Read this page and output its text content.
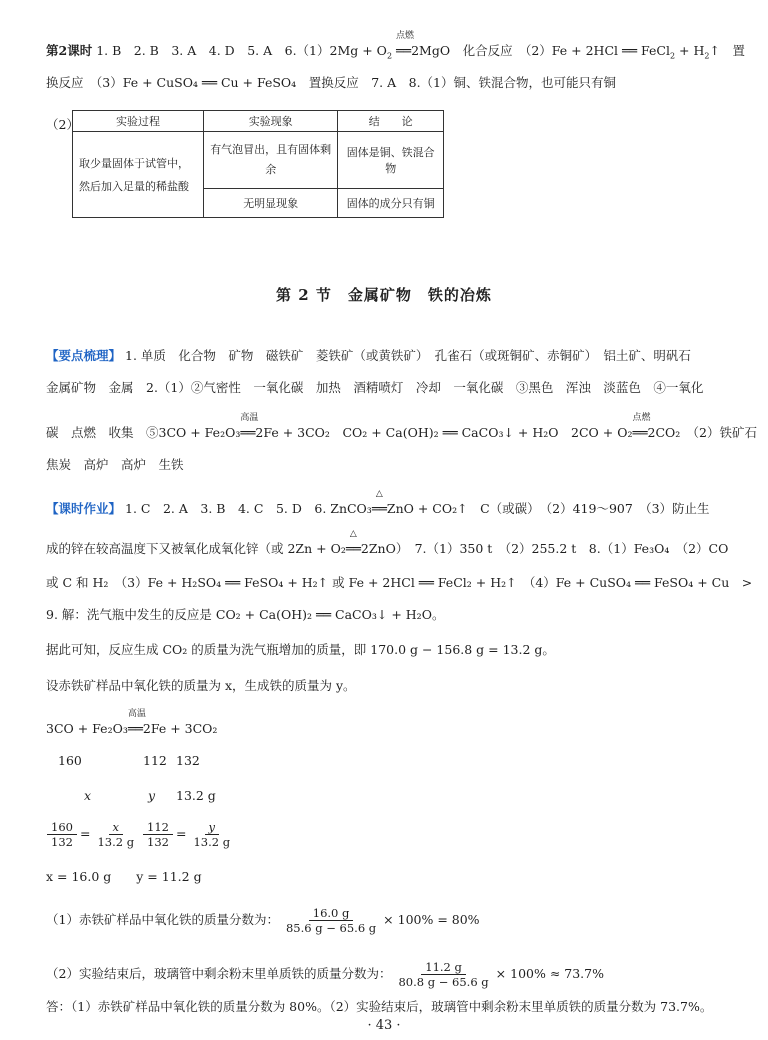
第2课时 1. B　2. B　3. A　4. D　5. A　$6.(1)2Mg + O_2$
点燃
══2MgO　化合反应　（2）Fe + 2HCl ══ FeCl$_2$ + $H_2↑$　置
换反应　（3）Fe + CuSO₄ ══ Cu + FeSO₄　置换反应　7. A　8.（1）铜、铁混合物，也可能只有铜
（2）	实验过程	实验现象	结　　论
取少量固体于试管中，然后加入足量的稀盐酸	有气泡冒出，且有固体剩余	固体是铜、铁混合物
	无明显现象	固体的成分只有铜
第 2 节　金属矿物　铁的冶炼
【要点梳理】 1. 单质　化合物　矿物　磁铁矿　菱铁矿（或黄铁矿）　孔雀石（或斑铜矿、赤铜矿）　铝土矿、明矾石
金属矿物　金属　2.（1）②气密性　一氧化碳　加热　酒精喷灯　冷却　一氧化碳　③黑色　浑浊　淡蓝色　④一氧化
碳　点燃　收集　⑤3CO + Fe₂O₃
高温
══2Fe + 3CO₂　CO₂ + Ca(OH)₂ ══ CaCO₃↓ + H₂O　2CO + O₂
点燃
══2CO₂　（2）铁矿石
焦炭　高炉　高炉　生铁
【课时作业】 1. C　2. A　3. B　4. C　5. D　6. ZnCO₃
△
══ZnO + CO₂↑　C（或碳）　（2）419～907　（3）防止生
成的锌在较高温度下又被氧化成氧化锌（或 2Zn + O₂
△
══2ZnO）　7.（1）350 t　（2）255.2 t　8.（1）Fe₃O₄　（2）CO
或 C 和 H₂　（3）Fe + H₂SO₄ ══ FeSO₄ + H₂↑ 或 Fe + 2HCl ══ FeCl₂ + H₂↑　（4）Fe + CuSO₄ ══ FeSO₄ + Cu　>
9. 解：洗气瓶中发生的反应是 CO₂ + Ca(OH)₂ ══ CaCO₃↓ + H₂O。
据此可知，反应生成 CO₂ 的质量为洗气瓶增加的质量，即 170.0 g − 156.8 g = 13.2 g。
设赤铁矿样品中氧化铁的质量为 x，生成铁的质量为 y。
3CO + Fe₂O₃
高温
══2Fe + 3CO₂
160	112 132
x	y 13.2 g
$\frac{160}{132} = \frac{x}{13.2 g} \frac{112}{132} = \frac{y}{13.2 g}$
x = 16.0 g　　y = 11.2 g
（1）赤铁矿样品中氧化铁的质量分数为： $\frac{16.0 g}{85.6 g - 65.6 g} \times 100\% = 80\%$
（2）实验结束后，玻璃管中剩余粉末里单质铁的质量分数为： $\frac{11.2 g}{80.8 g - 65.6 g} \times 100\% \approx 73.7\%$
答：（1）赤铁矿样品中氧化铁的质量分数为 80%。（2）实验结束后，玻璃管中剩余粉末里单质铁的质量分数为 73.7%。
· 43 ·
